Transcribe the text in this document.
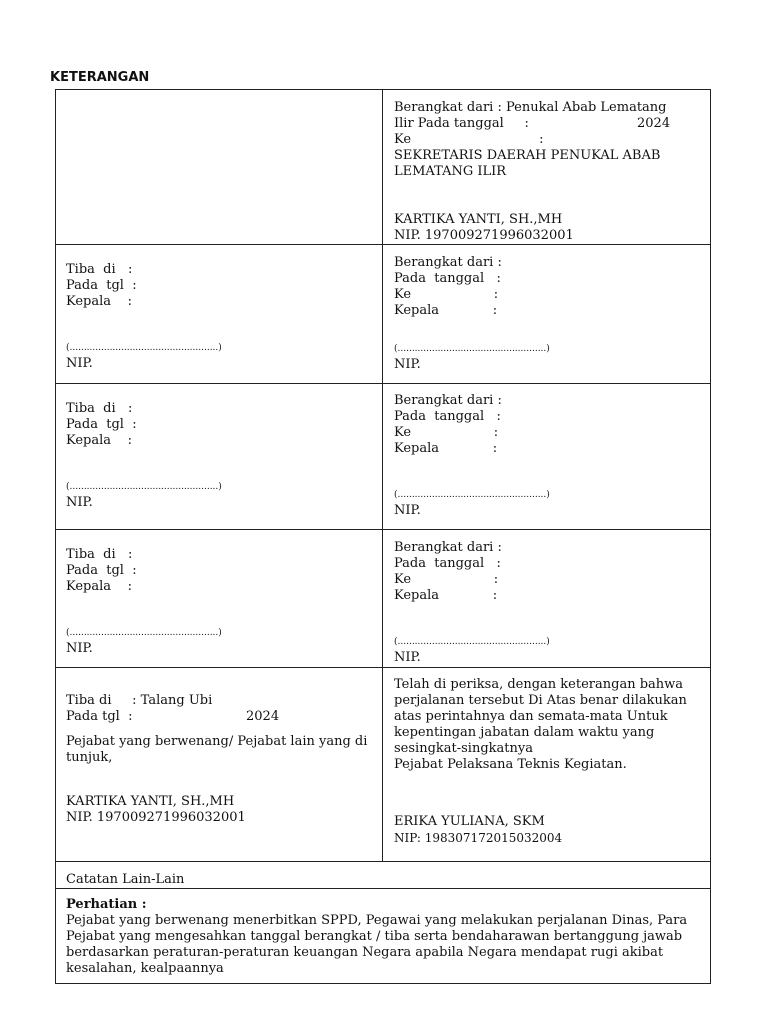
KETERANGAN
Berangkat dari : Penukal Abab Lematang
Ilir Pada tanggal     :	2024
Ke                               :
SEKRETARIS DAERAH PENUKAL ABAB
LEMATANG ILIR
KARTIKA YANTI, SH.,MH
NIP. 197009271996032001
Tiba  di   :
Pada  tgl  :
Kepala    :
(....................................................)
NIP.
Berangkat dari :
Pada  tanggal   :
Ke                    :
Kepala             :
(....................................................)
NIP.
Tiba  di   :
Pada  tgl  :
Kepala    :
(....................................................)
NIP.
Berangkat dari :
Pada  tanggal   :
Ke                    :
Kepala             :
(....................................................)
NIP.
Tiba  di   :
Pada  tgl  :
Kepala    :
(....................................................)
NIP.
Berangkat dari :
Pada  tanggal   :
Ke                    :
Kepala             :
(....................................................)
NIP.
Tiba di     : Talang Ubi
Pada tgl  :	2024
Pejabat yang berwenang/ Pejabat lain yang di
tunjuk,
KARTIKA YANTI, SH.,MH
NIP. 197009271996032001
Telah di periksa, dengan keterangan bahwa
perjalanan tersebut Di Atas benar dilakukan
atas perintahnya dan semata-mata Untuk
kepentingan jabatan dalam waktu yang
sesingkat-singkatnya
Pejabat Pelaksana Teknis Kegiatan.
ERIKA YULIANA, SKM
NIP: 198307172015032004
Catatan Lain-Lain
Perhatian :
Pejabat yang berwenang menerbitkan SPPD, Pegawai yang melakukan perjalanan Dinas, Para
Pejabat yang mengesahkan tanggal berangkat / tiba serta bendaharawan bertanggung jawab
berdasarkan peraturan-peraturan keuangan Negara apabila Negara mendapat rugi akibat
kesalahan, kealpaannya
